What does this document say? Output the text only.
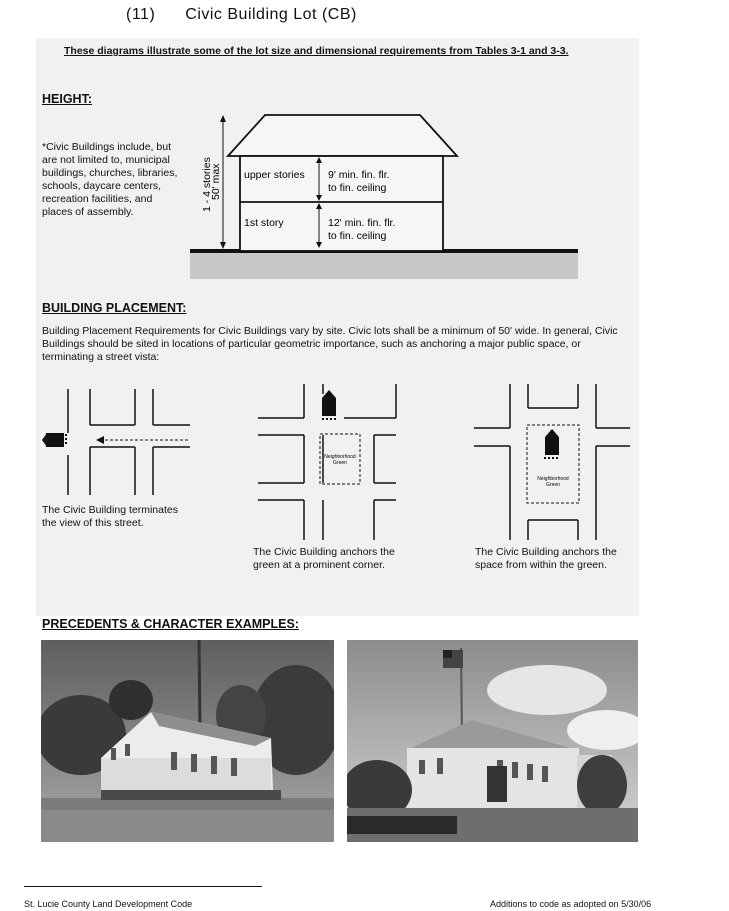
(11) Civic Building Lot (CB)
These diagrams illustrate some of the lot size and dimensional requirements from Tables 3-1 and 3-3.
HEIGHT:
*Civic Buildings include, but
are not limited to, municipal
buildings, churches, libraries,
schools, daycare centers,
recreation facilities, and
places of assembly.	1 - 4 stories
50' max upper stories 9' min. fin. flr.
to fin. ceiling
1st story	12' min. fin. flr.
to fin. ceiling
BUILDING PLACEMENT:
Building Placement Requirements for Civic Buildings vary by site. Civic lots shall be a minimum of 50' wide. In general, Civic Buildings should be sited in locations of particular geometric importance, such as anchoring a major public space, or terminating a street vista:
The Civic Building terminates
the view of this street.
Neighborhood
Green
The Civic Building anchors the
green at a prominent corner.
Neighborhood
Green
The Civic Building anchors the
space from within the green.
PRECEDENTS & CHARACTER EXAMPLES:
St. Lucie County Land Development Code	Additions to code as adopted on 5/30/06
